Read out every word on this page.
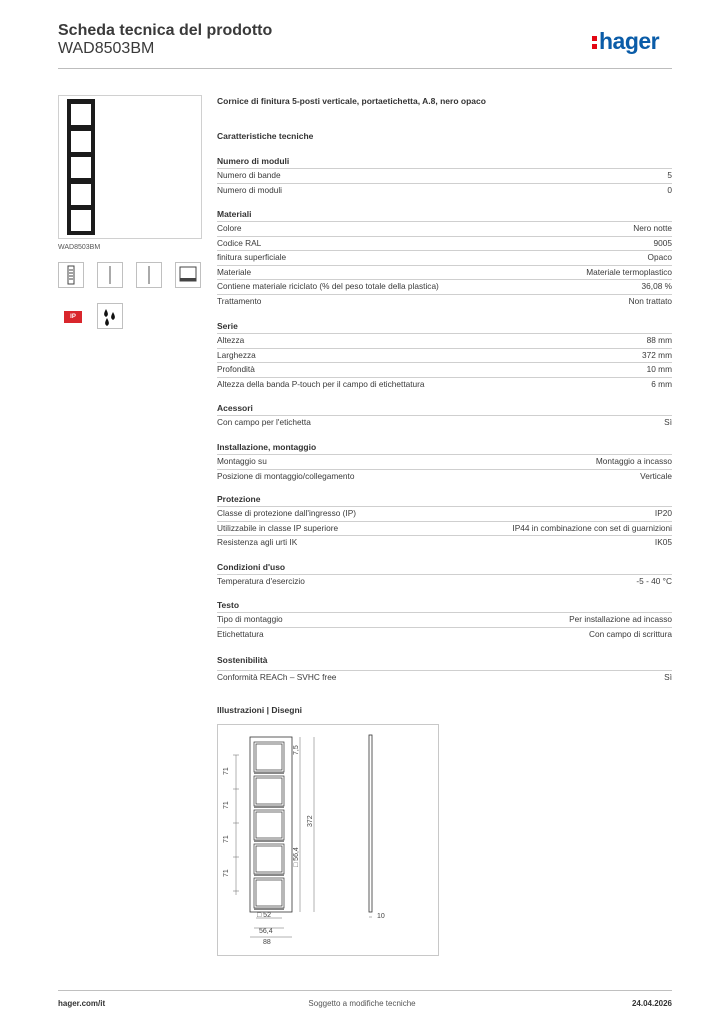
Scheda tecnica del prodotto
WAD8503BM	hager
WAD8503BM
IP
Cornice di finitura 5-posti verticale, portaetichetta, A.8, nero opaco
Caratteristiche tecniche
Numero di moduli
Numero di bande	5
Numero di moduli	0
Materiali
Colore	Nero notte
Codice RAL	9005
finitura superficiale	Opaco
Materiale	Materiale termoplastico
Contiene materiale riciclato (% del peso totale della plastica)	36,08 %
Trattamento	Non trattato
Serie
Altezza	88 mm
Larghezza	372 mm
Profondità	10 mm
Altezza della banda P-touch per il campo di etichettatura	6 mm
Acessori
Con campo per l'etichetta	Sì
Installazione, montaggio
Montaggio su	Montaggio a incasso
Posizione di montaggio/collegamento	Verticale
Protezione
Classe di protezione dall'ingresso (IP)	IP20
Utilizzabile in classe IP superiore	IP44 in combinazione con set di guarnizioni
Resistenza agli urti IK	IK05
Condizioni d'uso
Temperatura d'esercizio	-5 - 40 °C
Testo
Tipo di montaggio	Per installazione ad incasso
Etichettatura	Con campo di scrittura
Sostenibilità
Conformità REACh – SVHC free	Sì
Illustrazioni | Disegni
71
71
71
71
7,5
372
□ 56,4
10
□ 52
56,4
88
hager.com/it	Soggetto a modifiche tecniche	24.04.2026
